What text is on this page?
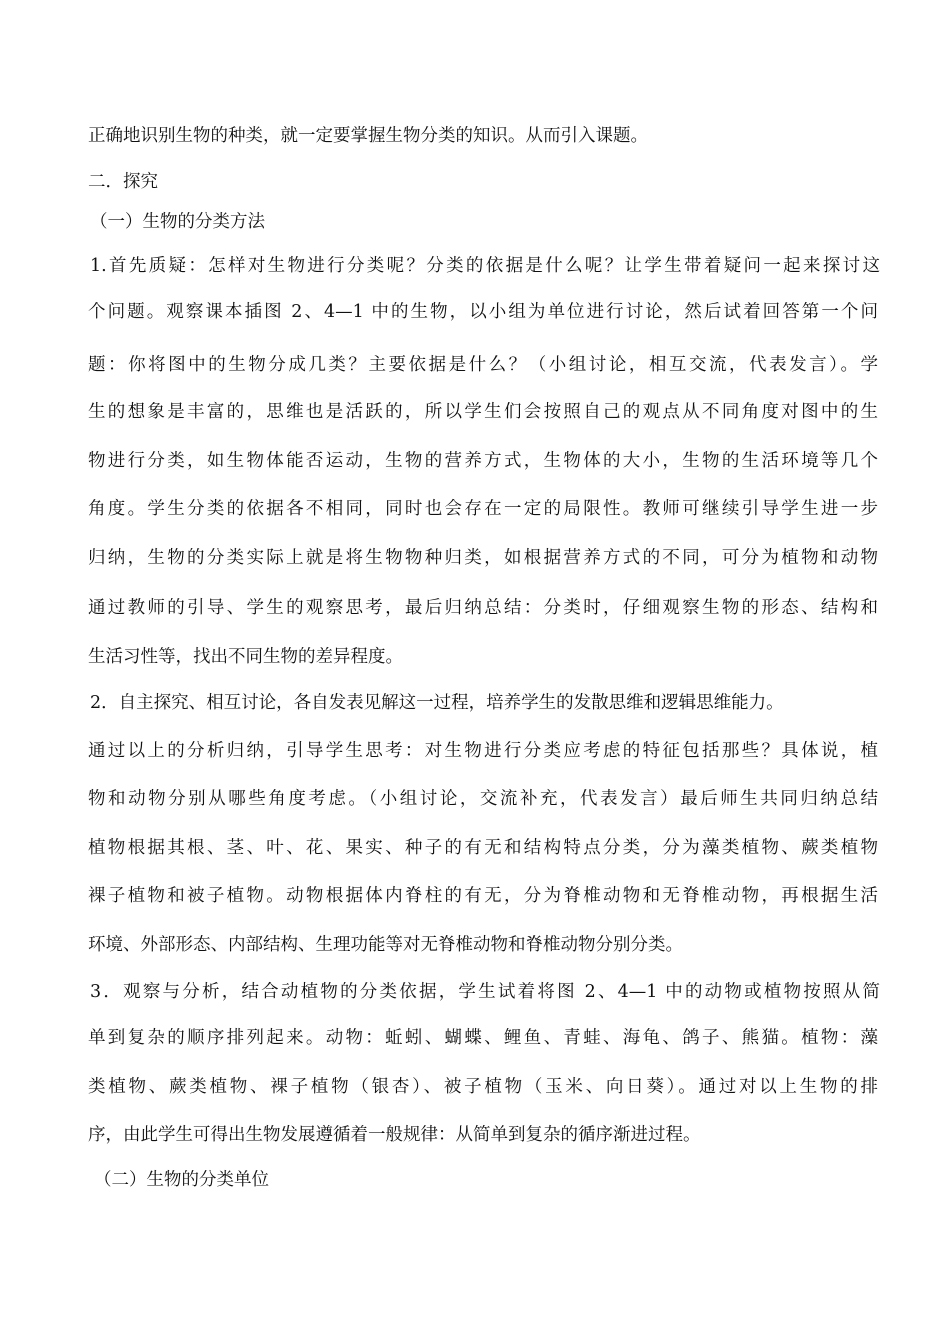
正确地识别生物的种类，就一定要掌握生物分类的知识。从而引入课题。
二．探究
（一）生物的分类方法
1.首先质疑：怎样对生物进行分类呢？分类的依据是什么呢？让学生带着疑问一起来探讨这
个问题。观察课本插图 2、4—1 中的生物，以小组为单位进行讨论，然后试着回答第一个问
题：你将图中的生物分成几类？主要依据是什么？（小组讨论，相互交流，代表发言）。学
生的想象是丰富的，思维也是活跃的，所以学生们会按照自己的观点从不同角度对图中的生
物进行分类，如生物体能否运动，生物的营养方式，生物体的大小，生物的生活环境等几个
角度。学生分类的依据各不相同，同时也会存在一定的局限性。教师可继续引导学生进一步
归纳，生物的分类实际上就是将生物物种归类，如根据营养方式的不同，可分为植物和动物
通过教师的引导、学生的观察思考，最后归纳总结：分类时，仔细观察生物的形态、结构和
生活习性等，找出不同生物的差异程度。
2．自主探究、相互讨论，各自发表见解这一过程，培养学生的发散思维和逻辑思维能力。
通过以上的分析归纳，引导学生思考：对生物进行分类应考虑的特征包括那些？具体说，植
物和动物分别从哪些角度考虑。（小组讨论，交流补充，代表发言）最后师生共同归纳总结
植物根据其根、茎、叶、花、果实、种子的有无和结构特点分类，分为藻类植物、蕨类植物
裸子植物和被子植物。动物根据体内脊柱的有无，分为脊椎动物和无脊椎动物，再根据生活
环境、外部形态、内部结构、生理功能等对无脊椎动物和脊椎动物分别分类。
3．观察与分析，结合动植物的分类依据，学生试着将图 2、4—1 中的动物或植物按照从简
单到复杂的顺序排列起来。动物：蚯蚓、蝴蝶、鲤鱼、青蛙、海龟、鸽子、熊猫。植物：藻
类植物、蕨类植物、裸子植物（银杏）、被子植物（玉米、向日葵）。通过对以上生物的排
序，由此学生可得出生物发展遵循着一般规律：从简单到复杂的循序渐进过程。
（二）生物的分类单位
